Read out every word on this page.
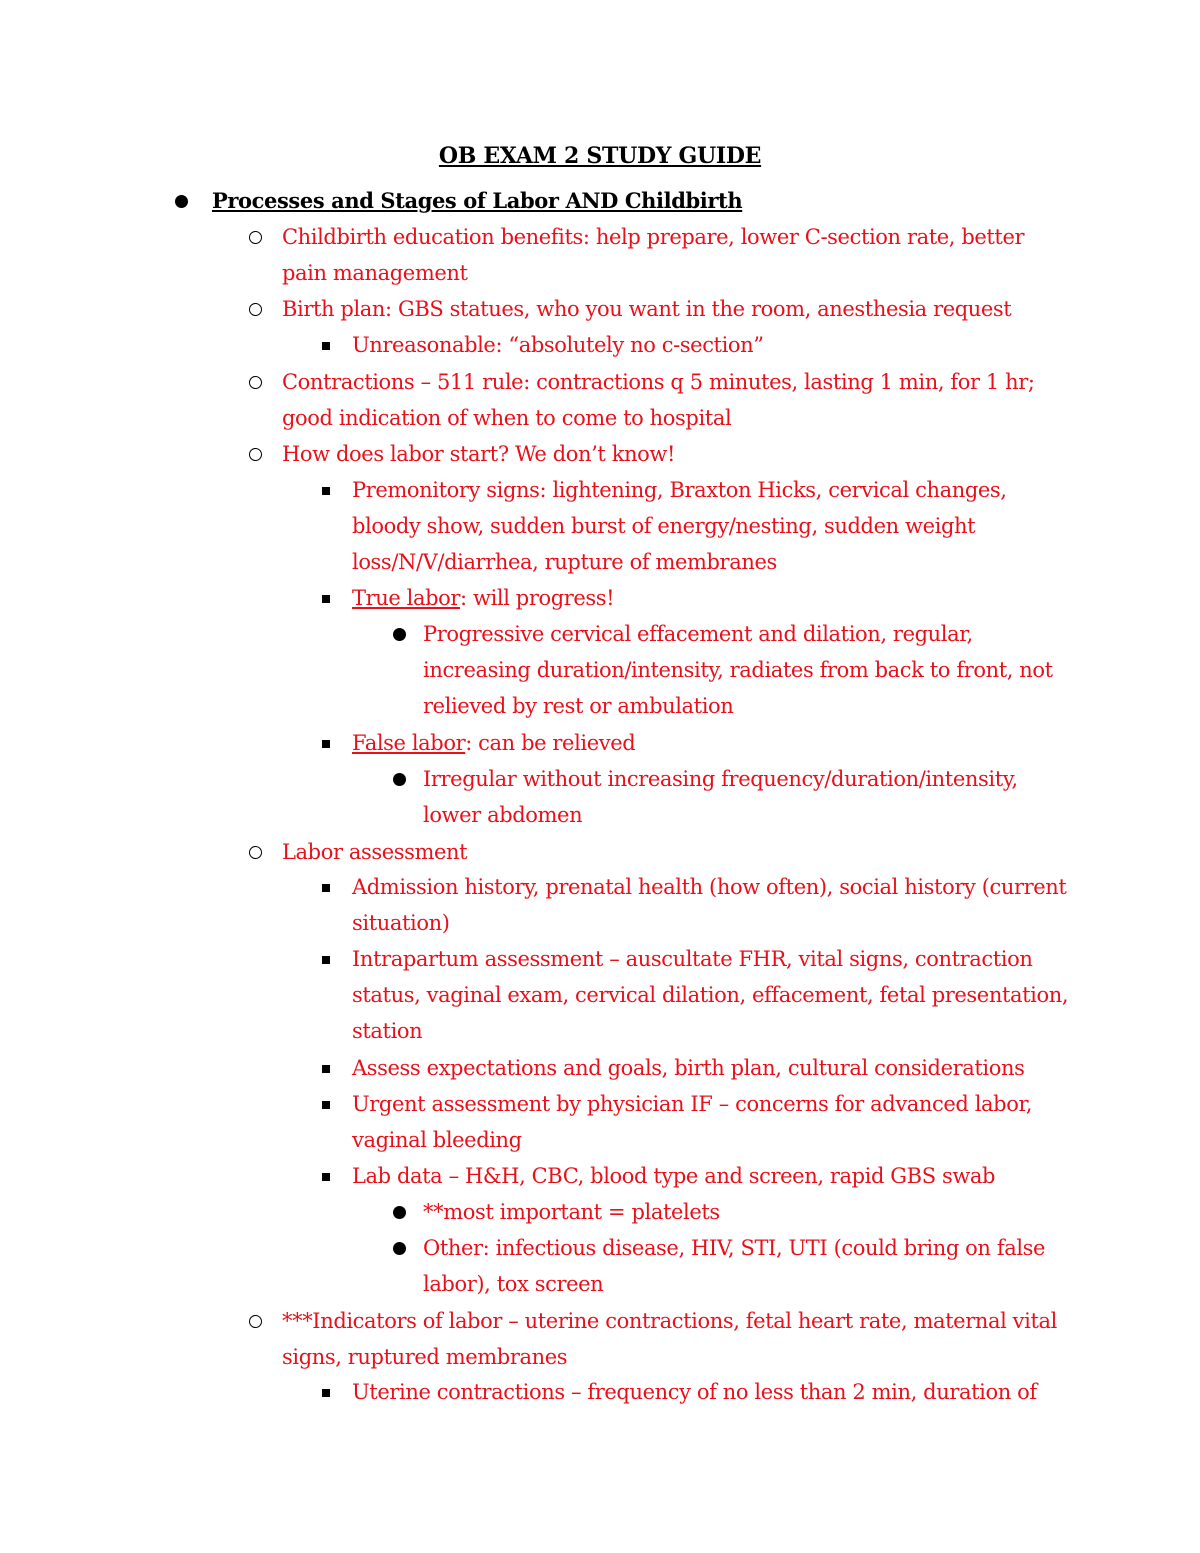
OB EXAM 2 STUDY GUIDE
Processes and Stages of Labor AND Childbirth
Childbirth education benefits: help prepare, lower C-section rate, better pain management
Birth plan: GBS statues, who you want in the room, anesthesia request
Unreasonable: “absolutely no c-section”
Contractions – 511 rule: contractions q 5 minutes, lasting 1 min, for 1 hr; good indication of when to come to hospital
How does labor start? We don’t know!
Premonitory signs: lightening, Braxton Hicks, cervical changes, bloody show, sudden burst of energy/nesting, sudden weight loss/N/V/diarrhea, rupture of membranes
True labor: will progress!
Progressive cervical effacement and dilation, regular, increasing duration/intensity, radiates from back to front, not relieved by rest or ambulation
False labor: can be relieved
Irregular without increasing frequency/duration/intensity, lower abdomen
Labor assessment
Admission history, prenatal health (how often), social history (current situation)
Intrapartum assessment – auscultate FHR, vital signs, contraction status, vaginal exam, cervical dilation, effacement, fetal presentation, station
Assess expectations and goals, birth plan, cultural considerations
Urgent assessment by physician IF – concerns for advanced labor, vaginal bleeding
Lab data – H&H, CBC, blood type and screen, rapid GBS swab
**most important = platelets
Other: infectious disease, HIV, STI, UTI (could bring on false labor), tox screen
***Indicators of labor – uterine contractions, fetal heart rate, maternal vital signs, ruptured membranes
Uterine contractions – frequency of no less than 2 min, duration of
